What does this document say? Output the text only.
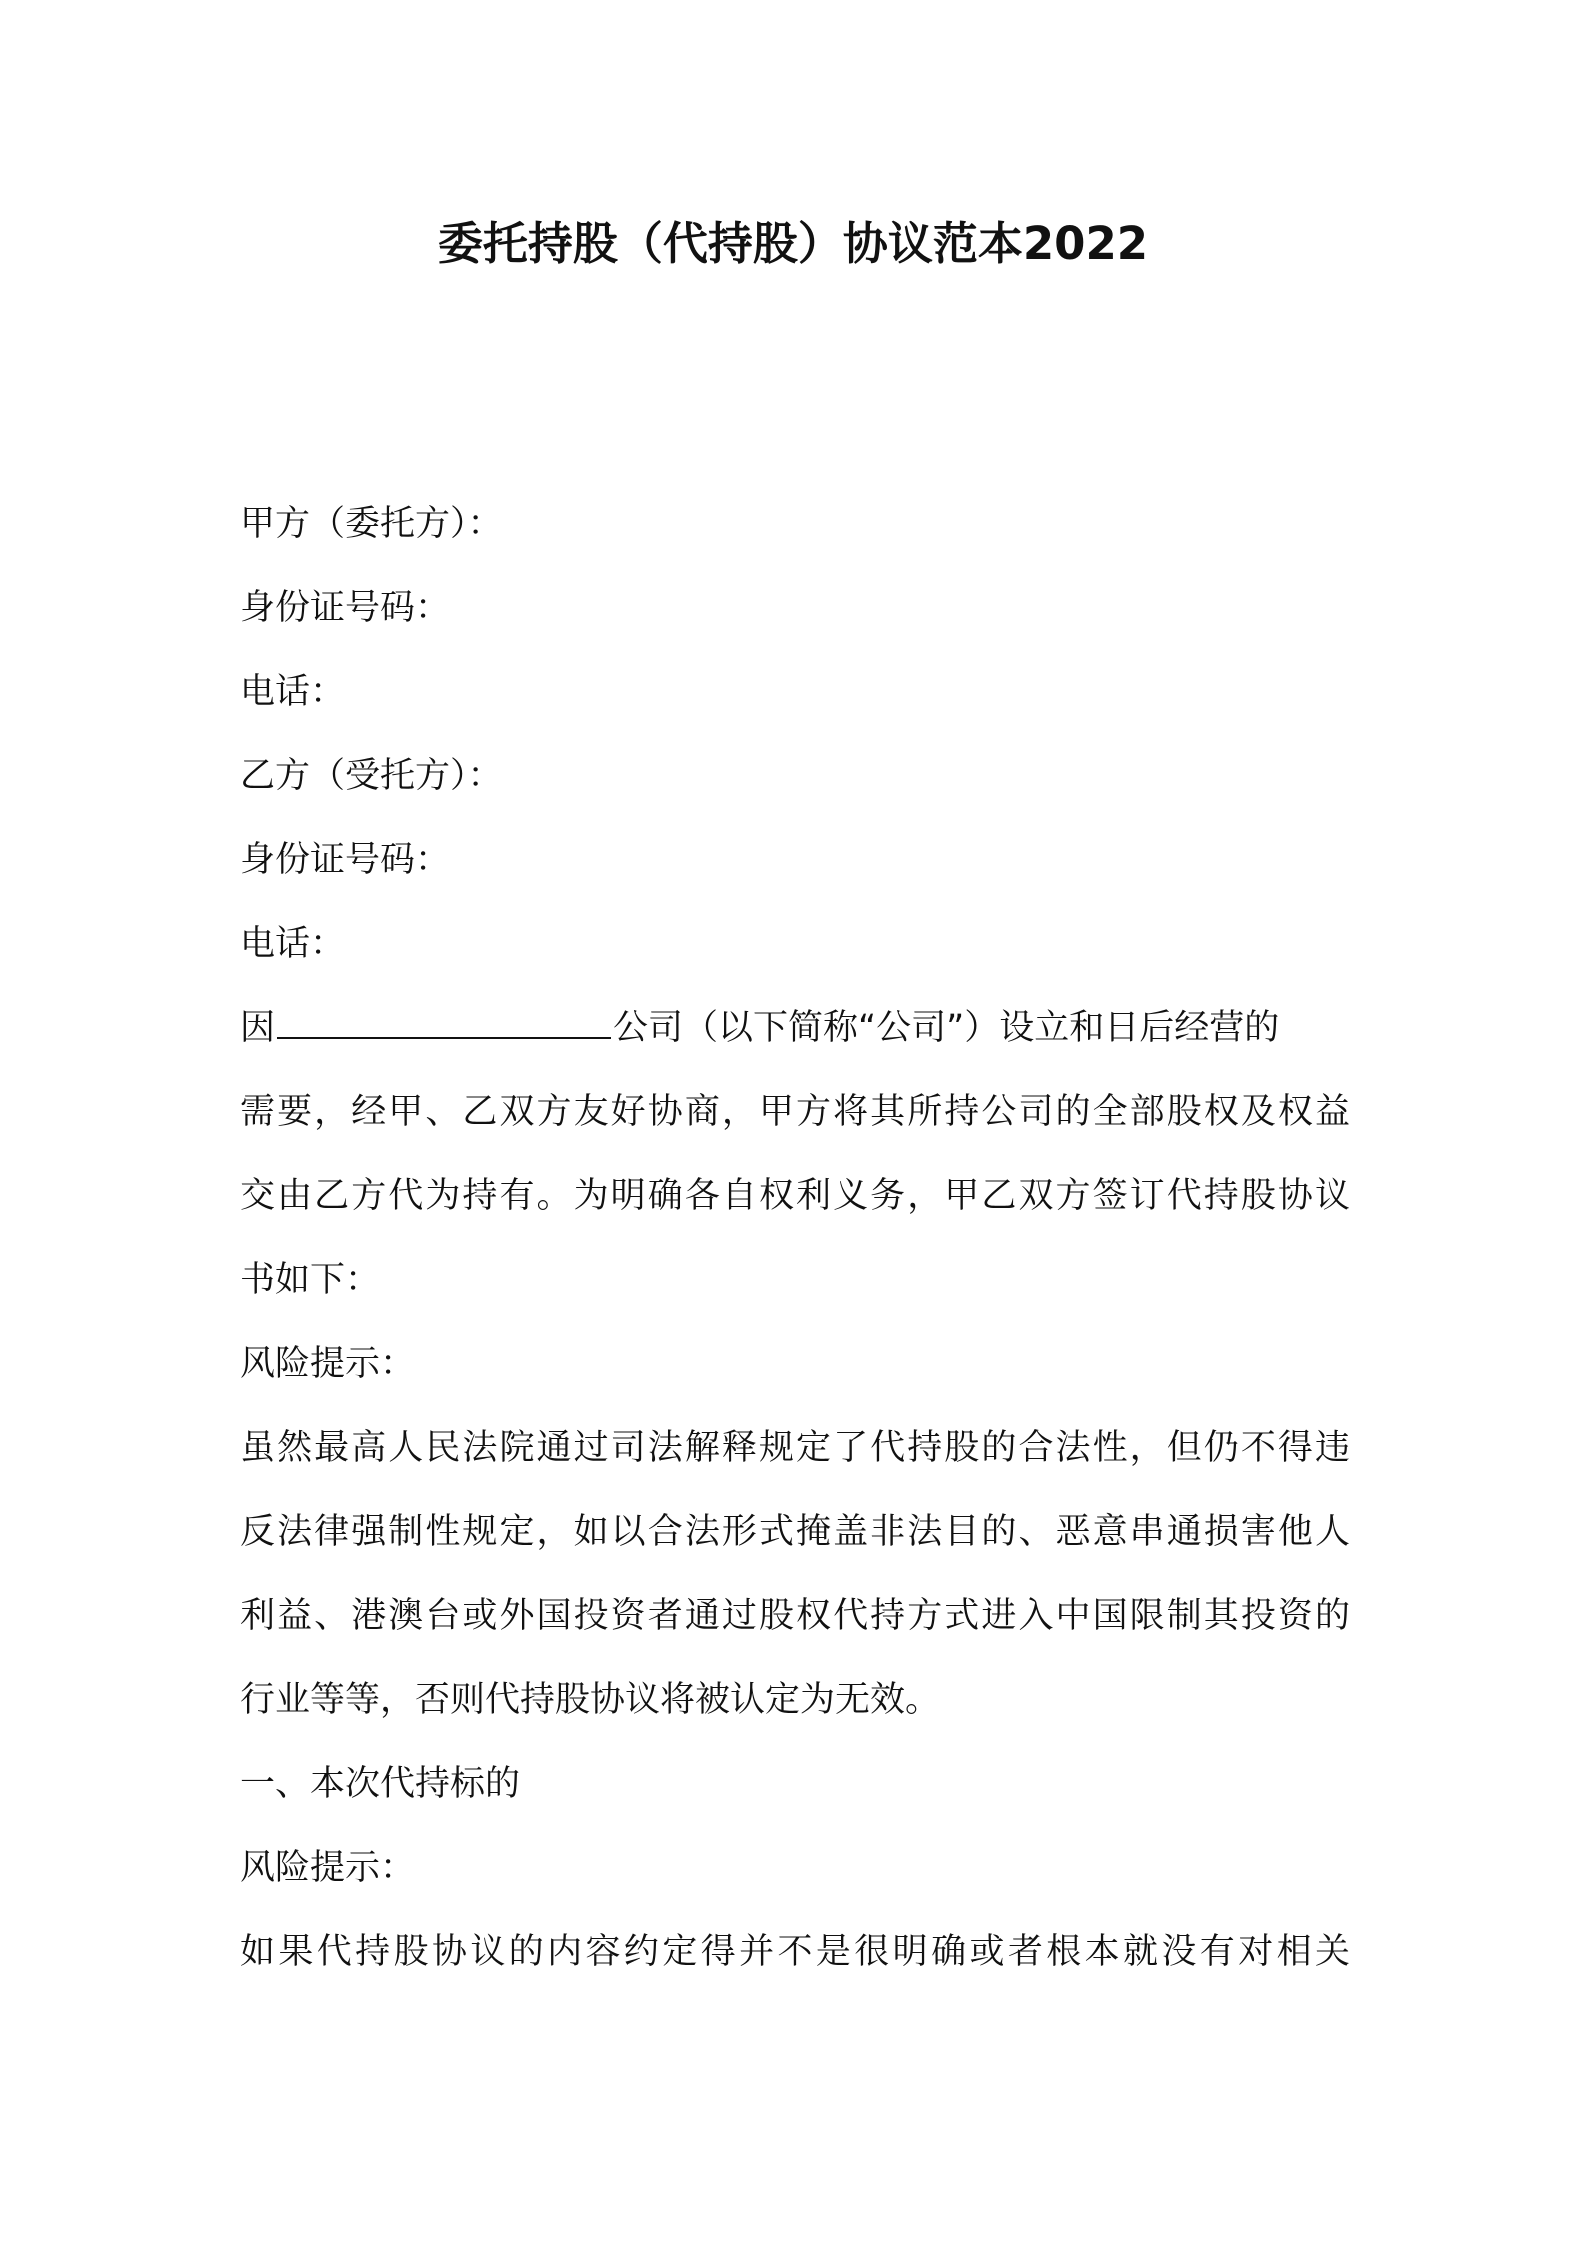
委托持股（代持股）协议范本2022
甲方（委托方）：
身份证号码：
电话：
乙方（受托方）：
身份证号码：
电话：
因	公司（以下简称“公司”）设立和日后经营的
需要，经甲、乙双方友好协商，甲方将其所持公司的全部股权及权益
交由乙方代为持有。为明确各自权利义务，甲乙双方签订代持股协议
书如下：
风险提示：
虽然最高人民法院通过司法解释规定了代持股的合法性，但仍不得违
反法律强制性规定，如以合法形式掩盖非法目的、恶意串通损害他人
利益、港澳台或外国投资者通过股权代持方式进入中国限制其投资的
行业等等，否则代持股协议将被认定为无效。
一、本次代持标的
风险提示：
如果代持股协议的内容约定得并不是很明确或者根本就没有对相关
